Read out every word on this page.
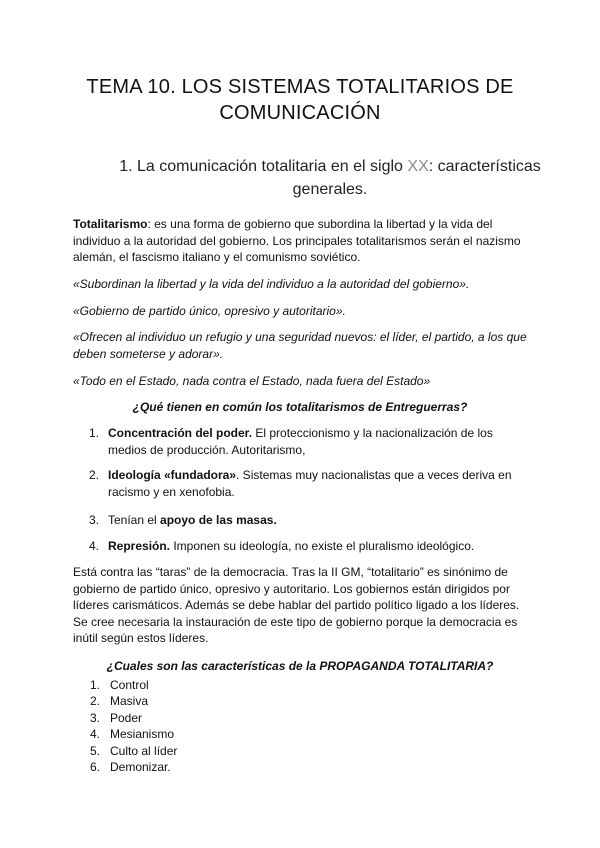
TEMA 10. LOS SISTEMAS TOTALITARIOS DE
COMUNICACIÓN
1. La comunicación totalitaria en el siglo XX: características generales.
Totalitarismo: es una forma de gobierno que subordina la libertad y la vida del individuo a la autoridad del gobierno. Los principales totalitarismos serán el nazismo alemán, el fascismo italiano y el comunismo soviético.
«Subordinan la libertad y la vida del individuo a la autoridad del gobierno».
«Gobierno de partido único, opresivo y autoritario».
«Ofrecen al individuo un refugio y una seguridad nuevos: el líder, el partido, a los que deben someterse y adorar».
«Todo en el Estado, nada contra el Estado, nada fuera del Estado»
¿Qué tienen en común los totalitarismos de Entreguerras?
1. Concentración del poder. El proteccionismo y la nacionalización de los medios de producción. Autoritarismo,
2. Ideología «fundadora». Sistemas muy nacionalistas que a veces deriva en racismo y en xenofobia.
3. Tenían el apoyo de las masas.
4. Represión. Imponen su ideología, no existe el pluralismo ideológico.
Está contra las “taras” de la democracia. Tras la II GM, “totalitario” es sinónimo de gobierno de partido único, opresivo y autoritario. Los gobiernos están dirigidos por líderes carismáticos. Además se debe hablar del partido político ligado a los líderes. Se cree necesaria la instauración de este tipo de gobierno porque la democracia es inútil según estos líderes.
¿Cuales son las características de la PROPAGANDA TOTALITARIA?
1. Control
2. Masiva
3. Poder
4. Mesianismo
5. Culto al líder
6. Demonizar.
